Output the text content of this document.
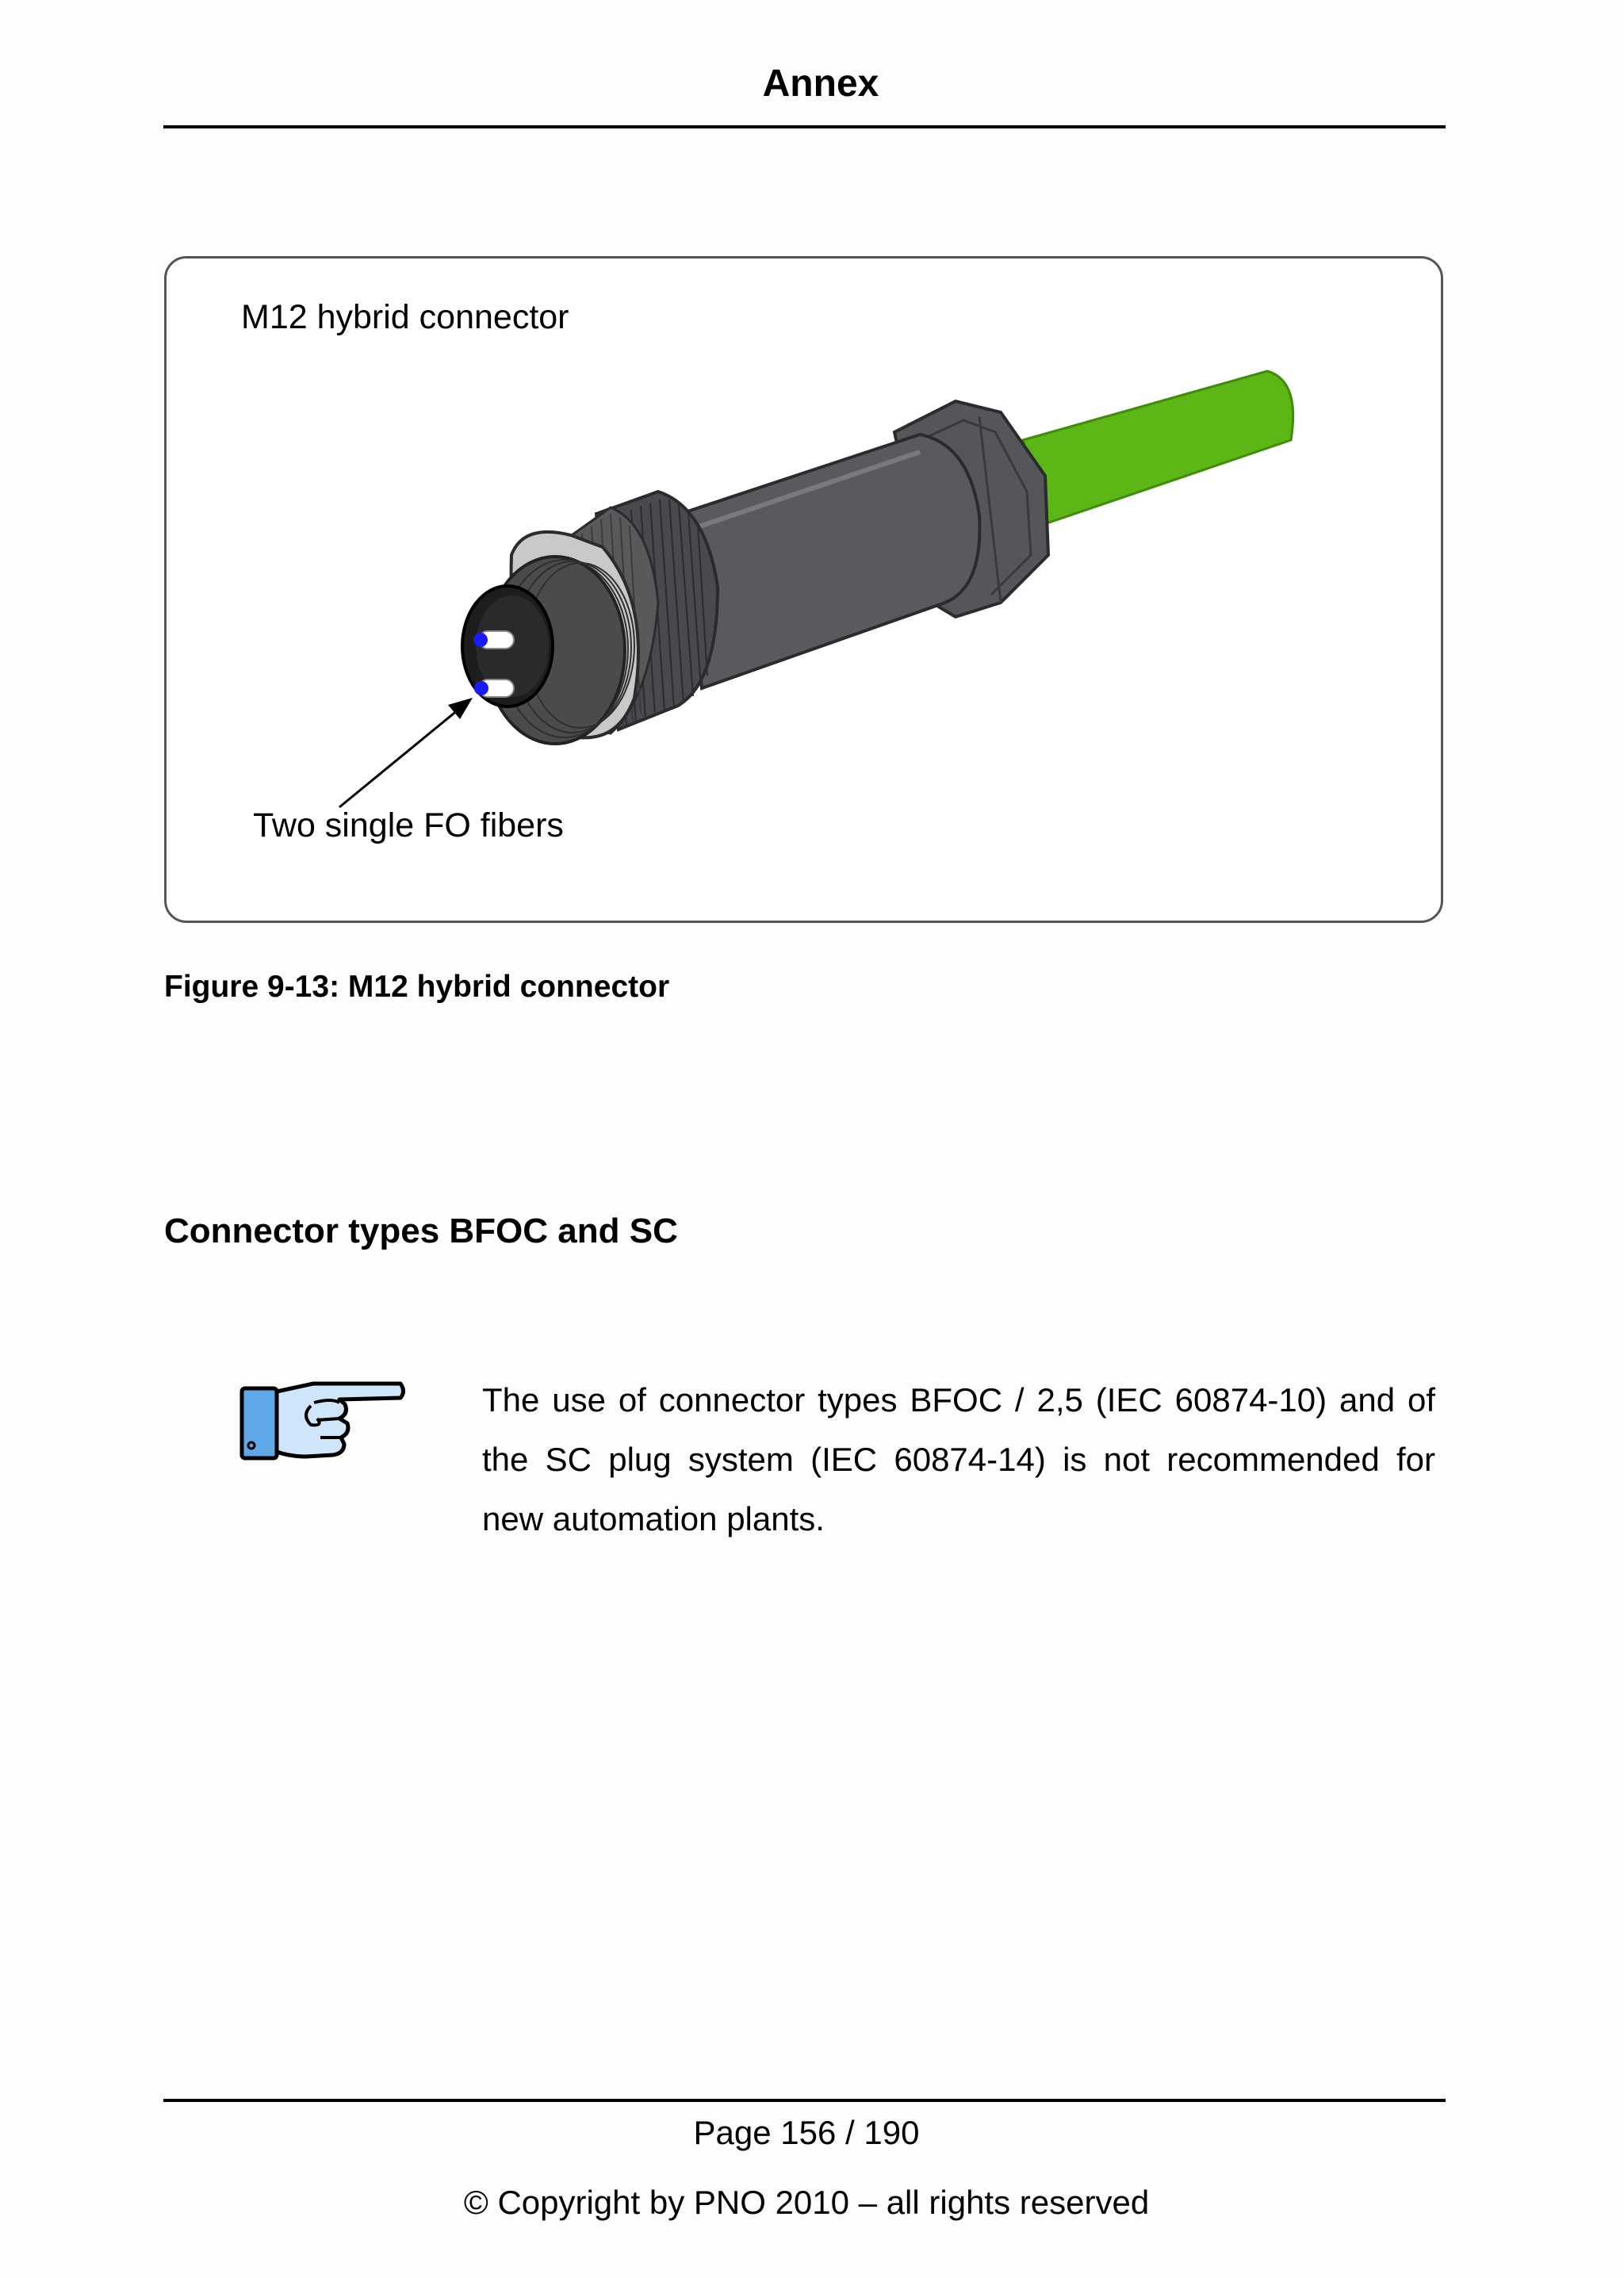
Annex
M12 hybrid connector
Two single FO fibers
Figure 9-13: M12 hybrid connector
Connector types BFOC and SC
The use of connector types BFOC / 2,5 (IEC 60874-10) and of the SC plug system (IEC 60874-14) is not recommended for new automation plants.
Page 156 / 190
© Copyright by PNO 2010 – all rights reserved
